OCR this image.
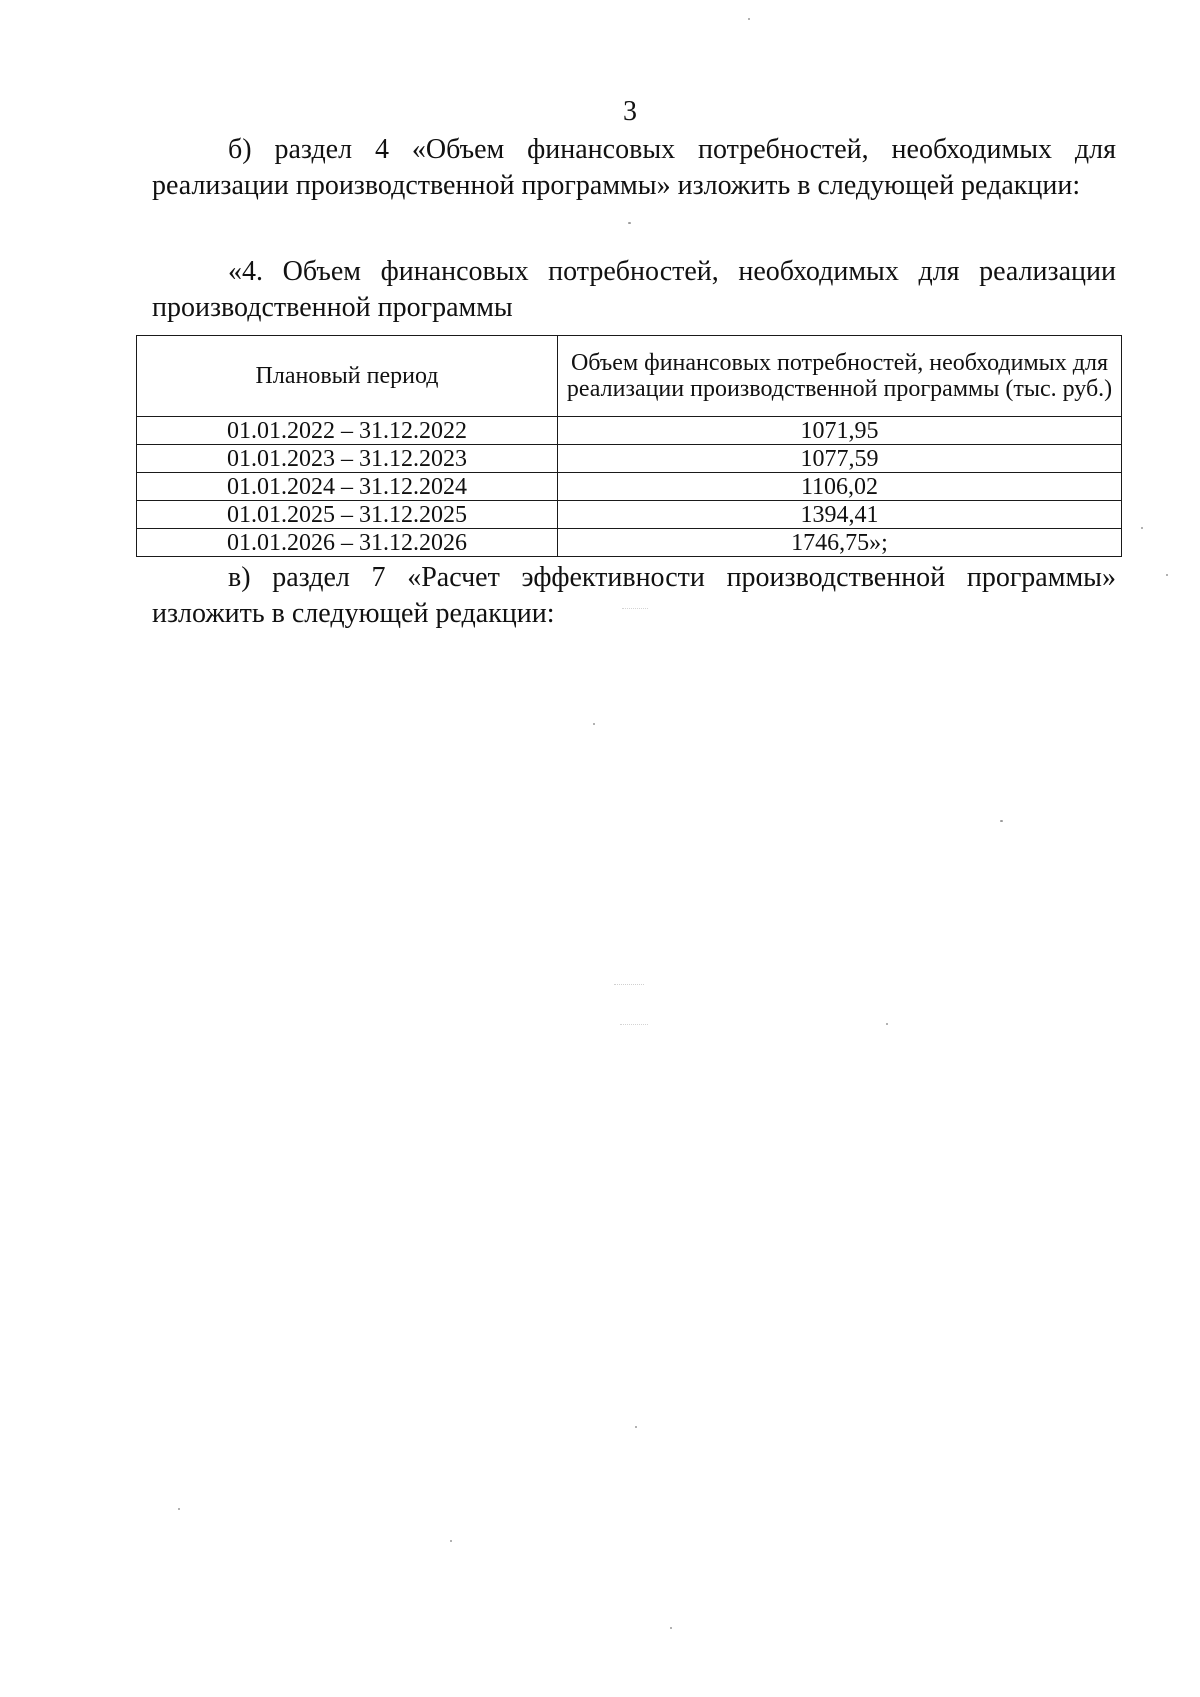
3
б) раздел 4 «Объем финансовых потребностей, необходимых для реализации производственной программы» изложить в следующей редакции:
«4. Объем финансовых потребностей, необходимых для реализации производственной программы
Плановый период	Объем финансовых потребностей, необходимых для реализации производственной программы (тыс. руб.)
01.01.2022 – 31.12.2022	1071,95
01.01.2023 – 31.12.2023	1077,59
01.01.2024 – 31.12.2024	1106,02
01.01.2025 – 31.12.2025	1394,41
01.01.2026 – 31.12.2026	1746,75»;
в) раздел 7 «Расчет эффективности производственной программы» изложить в следующей редакции:
